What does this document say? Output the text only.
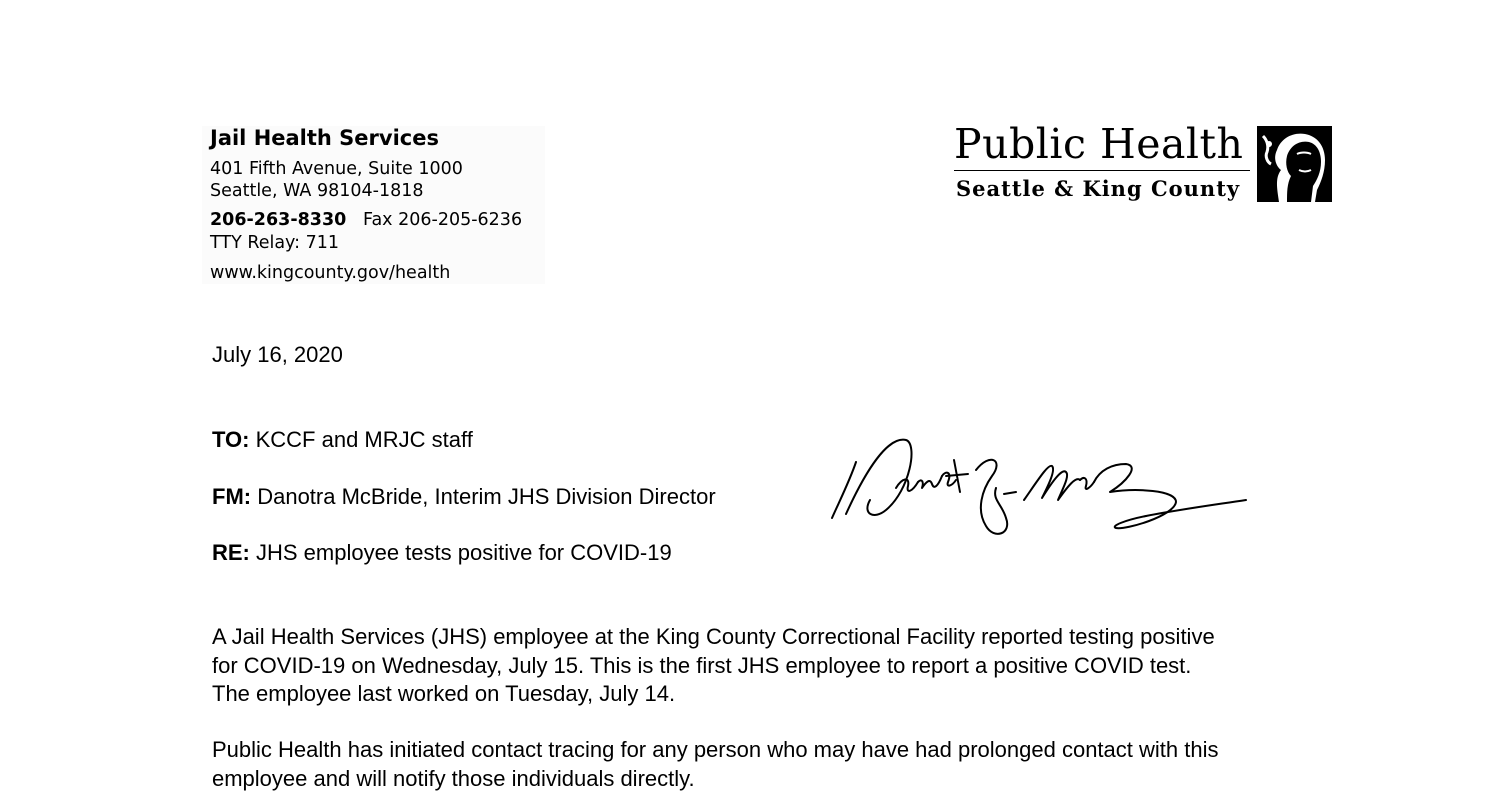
Jail Health Services
401 Fifth Avenue, Suite 1000
Seattle, WA 98104-1818
206-263-8330 Fax 206-205-6236
TTY Relay: 711
www.kingcounty.gov/health
Public Health
Seattle & King County
July 16, 2020
TO: KCCF and MRJC staff
FM: Danotra McBride, Interim JHS Division Director
RE: JHS employee tests positive for COVID-19
A Jail Health Services (JHS) employee at the King County Correctional Facility reported testing positive
for COVID-19 on Wednesday, July 15. This is the first JHS employee to report a positive COVID test.
The employee last worked on Tuesday, July 14.
Public Health has initiated contact tracing for any person who may have had prolonged contact with this
employee and will notify those individuals directly.
